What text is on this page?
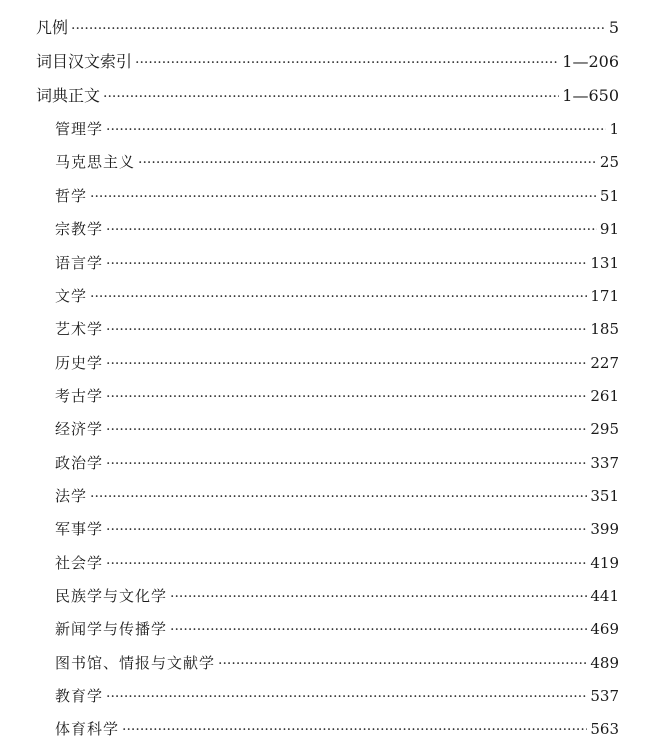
凡例 ·····	5
词目汉文索引 ·····	1—206
词典正文 ·····	1—650
管理学 ·····	1
马克思主义 ·····	25
哲学 ·····	51
宗教学 ·····	91
语言学 ·····	131
文学 ·····	171
艺术学 ·····	185
历史学 ·····	227
考古学 ·····	261
经济学 ·····	295
政治学 ·····	337
法学 ·····	351
军事学 ·····	399
社会学 ·····	419
民族学与文化学 ·····	441
新闻学与传播学 ·····	469
图书馆、情报与文献学 ·····	489
教育学 ·····	537
体育科学 ·····	563
